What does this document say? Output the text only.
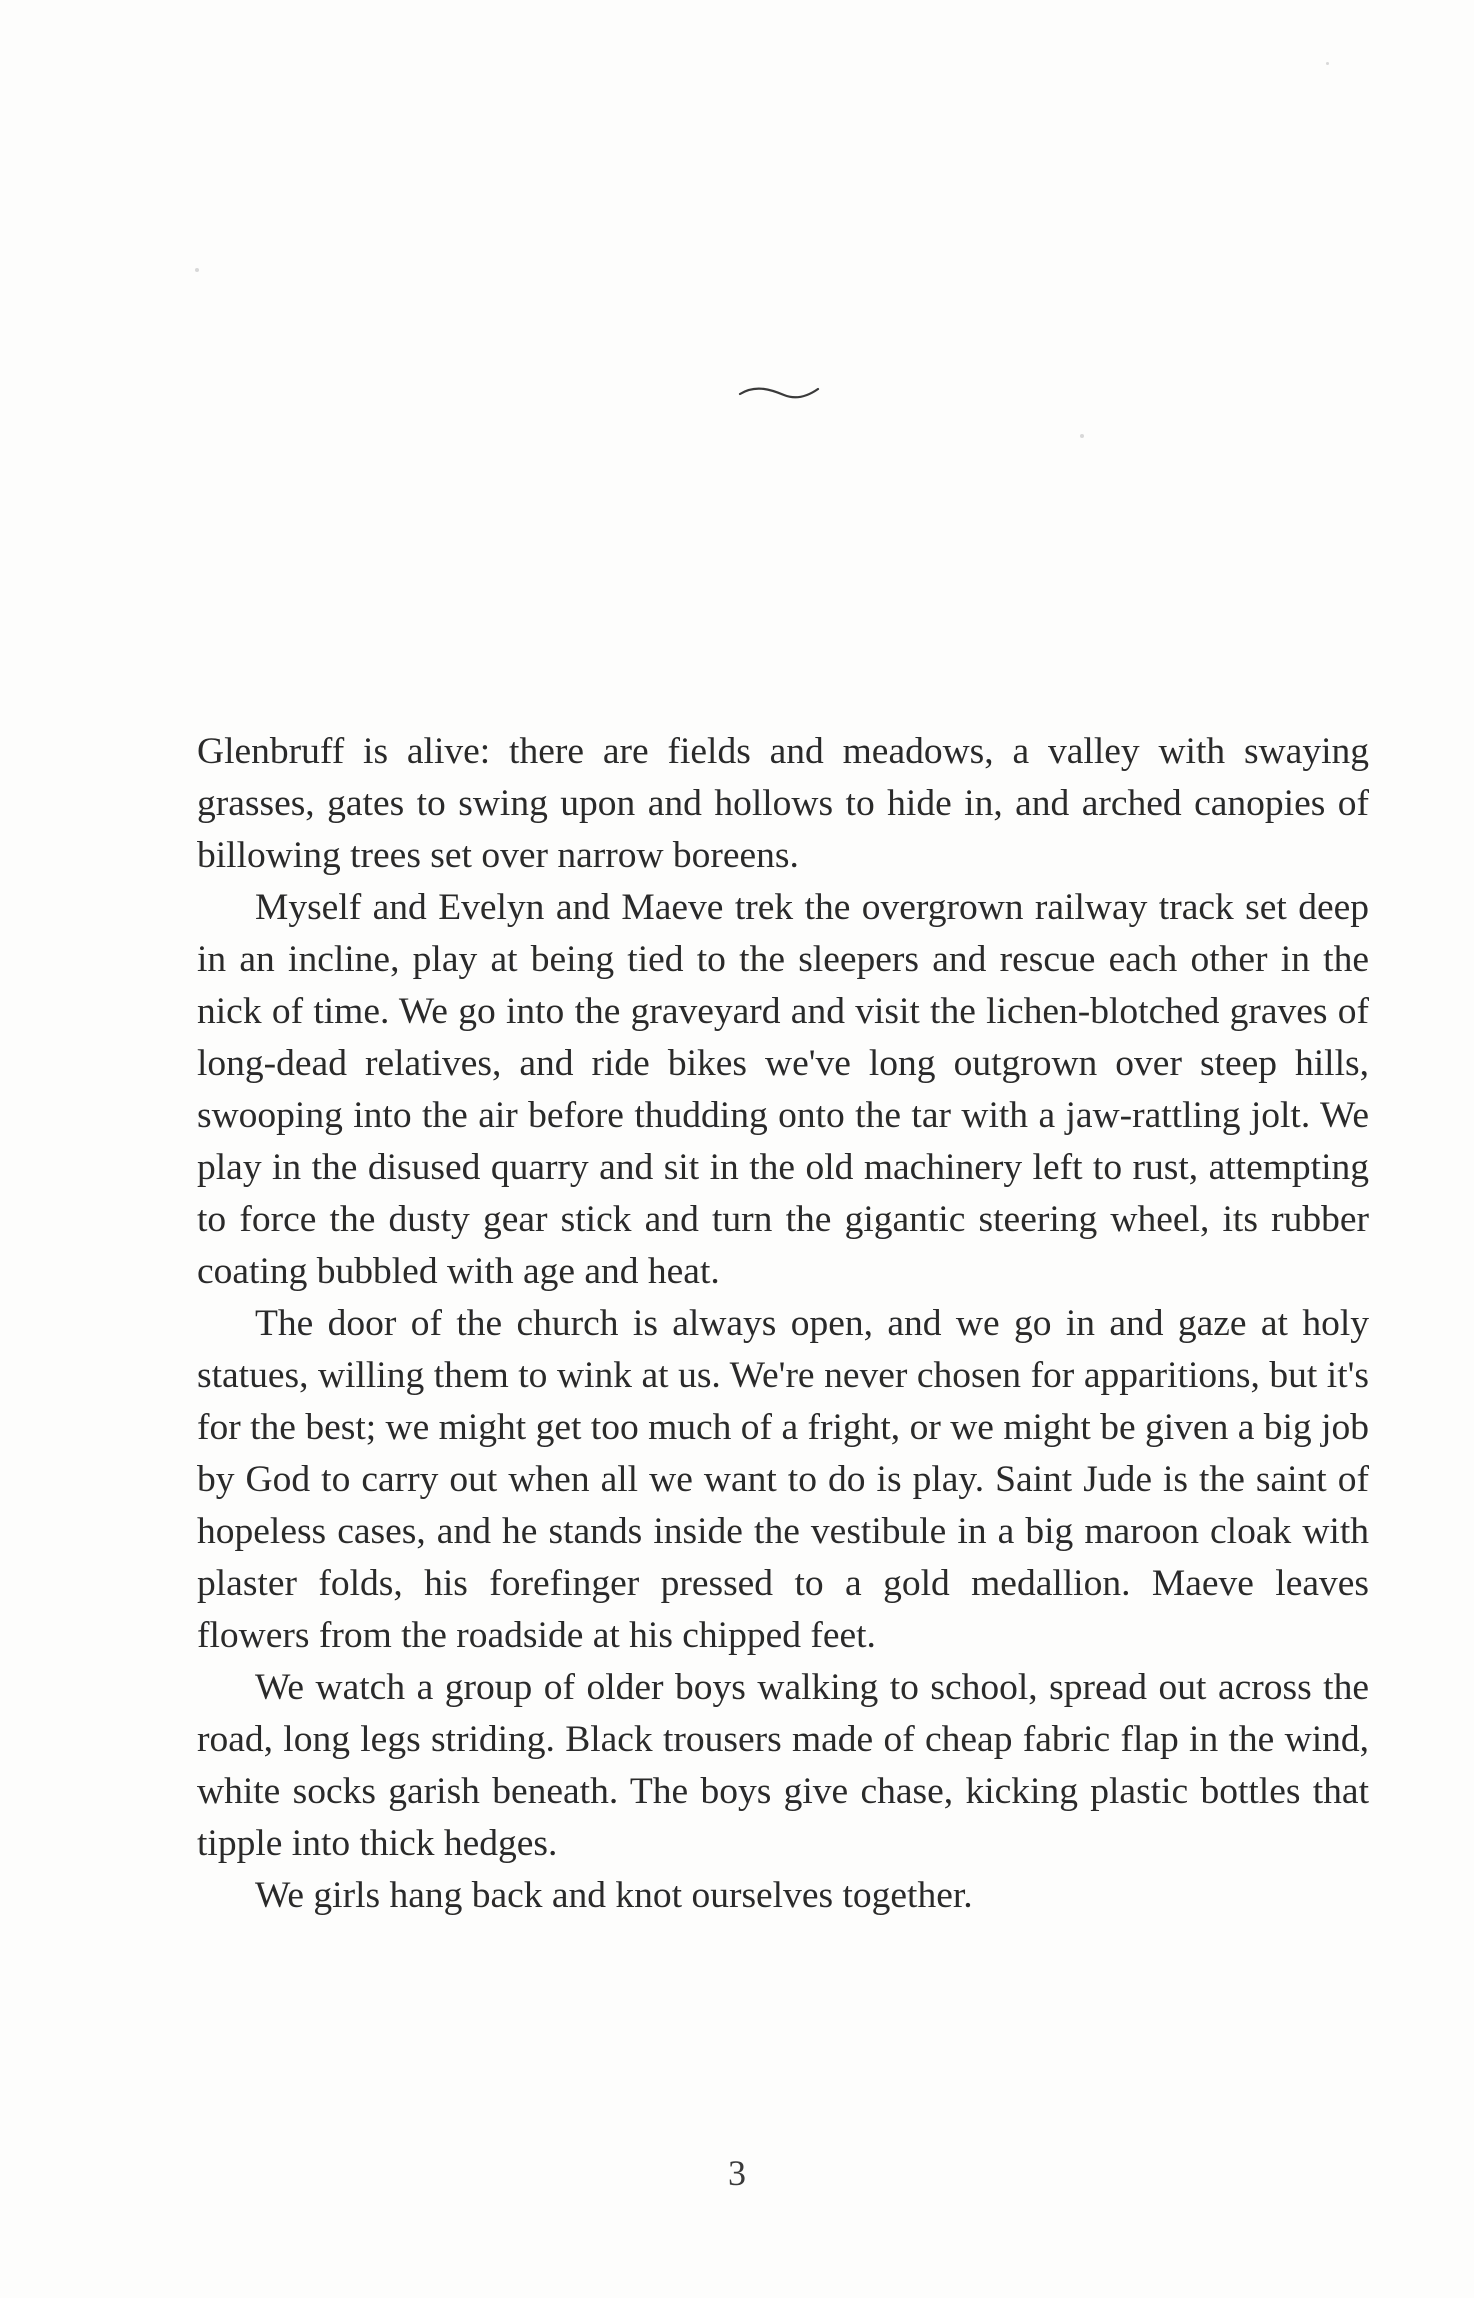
Glenbruff is alive: there are fields and meadows, a valley with swaying grasses, gates to swing upon and hollows to hide in, and arched canopies of billowing trees set over narrow boreens.

Myself and Evelyn and Maeve trek the overgrown railway track set deep in an incline, play at being tied to the sleepers and rescue each other in the nick of time. We go into the graveyard and visit the lichen-blotched graves of long-dead relatives, and ride bikes we've long outgrown over steep hills, swooping into the air before thudding onto the tar with a jaw-rattling jolt. We play in the disused quarry and sit in the old machinery left to rust, attempting to force the dusty gear stick and turn the gigantic steering wheel, its rubber coating bubbled with age and heat.

The door of the church is always open, and we go in and gaze at holy statues, willing them to wink at us. We're never chosen for apparitions, but it's for the best; we might get too much of a fright, or we might be given a big job by God to carry out when all we want to do is play. Saint Jude is the saint of hopeless cases, and he stands inside the vestibule in a big maroon cloak with plaster folds, his forefinger pressed to a gold medallion. Maeve leaves flowers from the roadside at his chipped feet.

We watch a group of older boys walking to school, spread out across the road, long legs striding. Black trousers made of cheap fabric flap in the wind, white socks garish beneath. The boys give chase, kicking plastic bottles that tipple into thick hedges.

We girls hang back and knot ourselves together.

3
